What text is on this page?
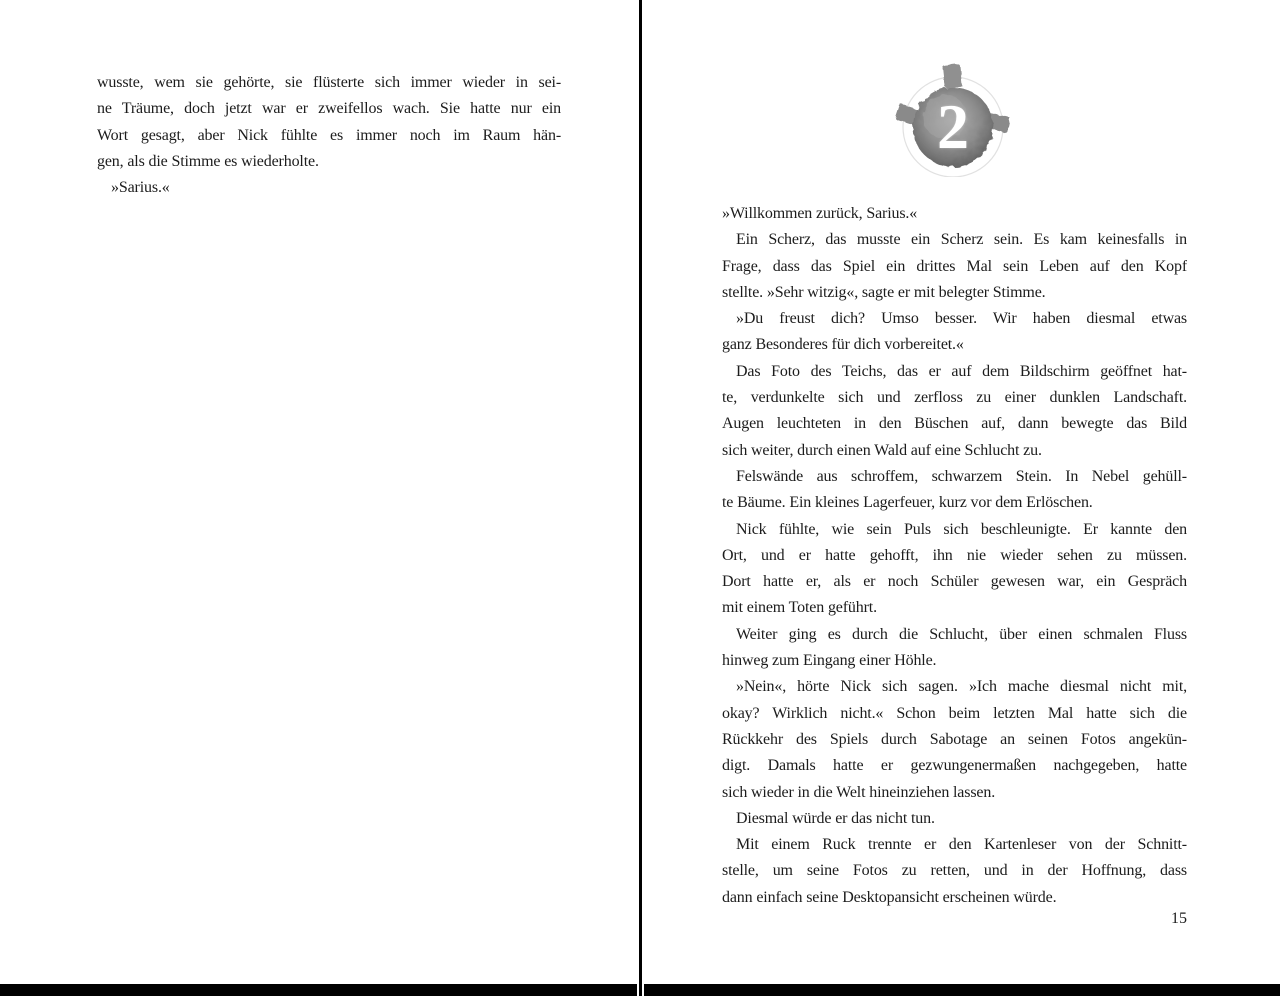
wusste, wem sie gehörte, sie flüsterte sich immer wieder in sei-
ne Träume, doch jetzt war er zweifellos wach. Sie hatte nur ein
Wort gesagt, aber Nick fühlte es immer noch im Raum hän-
gen, als die Stimme es wiederholte.
»Sarius.«
2
»Willkommen zurück, Sarius.«
Ein Scherz, das musste ein Scherz sein. Es kam keinesfalls in
Frage, dass das Spiel ein drittes Mal sein Leben auf den Kopf
stellte. »Sehr witzig«, sagte er mit belegter Stimme.
»Du freust dich? Umso besser. Wir haben diesmal etwas
ganz Besonderes für dich vorbereitet.«
Das Foto des Teichs, das er auf dem Bildschirm geöffnet hat-
te, verdunkelte sich und zerfloss zu einer dunklen Landschaft.
Augen leuchteten in den Büschen auf, dann bewegte das Bild
sich weiter, durch einen Wald auf eine Schlucht zu.
Felswände aus schroffem, schwarzem Stein. In Nebel gehüll-
te Bäume. Ein kleines Lagerfeuer, kurz vor dem Erlöschen.
Nick fühlte, wie sein Puls sich beschleunigte. Er kannte den
Ort, und er hatte gehofft, ihn nie wieder sehen zu müssen.
Dort hatte er, als er noch Schüler gewesen war, ein Gespräch
mit einem Toten geführt.
Weiter ging es durch die Schlucht, über einen schmalen Fluss
hinweg zum Eingang einer Höhle.
»Nein«, hörte Nick sich sagen. »Ich mache diesmal nicht mit,
okay? Wirklich nicht.« Schon beim letzten Mal hatte sich die
Rückkehr des Spiels durch Sabotage an seinen Fotos angekün-
digt. Damals hatte er gezwungenermaßen nachgegeben, hatte
sich wieder in die Welt hineinziehen lassen.
Diesmal würde er das nicht tun.
Mit einem Ruck trennte er den Kartenleser von der Schnitt-
stelle, um seine Fotos zu retten, und in der Hoffnung, dass
dann einfach seine Desktopansicht erscheinen würde.
15
